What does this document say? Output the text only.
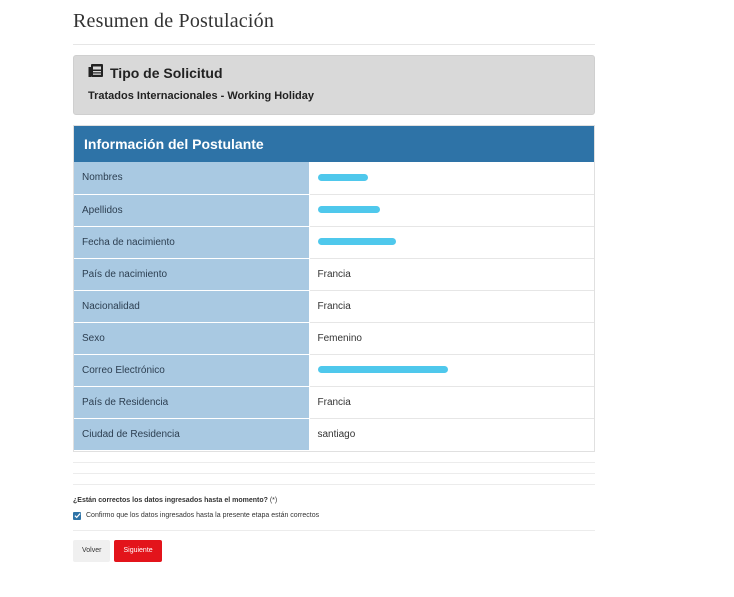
Resumen de Postulación
Tipo de Solicitud
Tratados Internacionales - Working Holiday
Información del Postulante
Nombres	
Apellidos	
Fecha de nacimiento	
País de nacimiento	Francia
Nacionalidad	Francia
Sexo	Femenino
Correo Electrónico	
País de Residencia	Francia
Ciudad de Residencia	santiago
¿Están correctos los datos ingresados hasta el momento? (*)
Confirmo que los datos ingresados hasta la presente etapa están correctos
Volver	Siguiente
